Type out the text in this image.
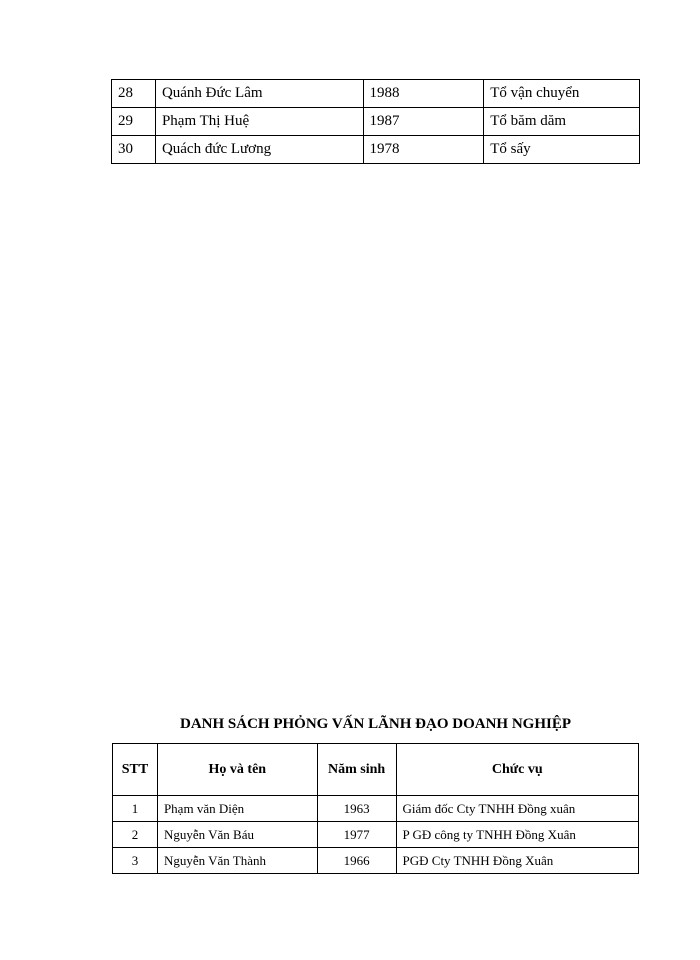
28	Quánh Đức Lâm	1988	Tổ vận chuyển
29	Phạm Thị Huệ	1987	Tổ băm dăm
30	Quách đức Lương	1978	Tổ sấy
DANH SÁCH PHỎNG VẤN LÃNH ĐẠO DOANH NGHIỆP
STT	Họ và tên	Năm sinh	Chức vụ
1	Phạm văn Diện	1963	Giám đốc Cty TNHH Đồng xuân
2	Nguyễn Văn Báu	1977	P GĐ công ty TNHH Đồng Xuân
3	Nguyễn Văn Thành	1966	PGĐ Cty TNHH Đồng Xuân
